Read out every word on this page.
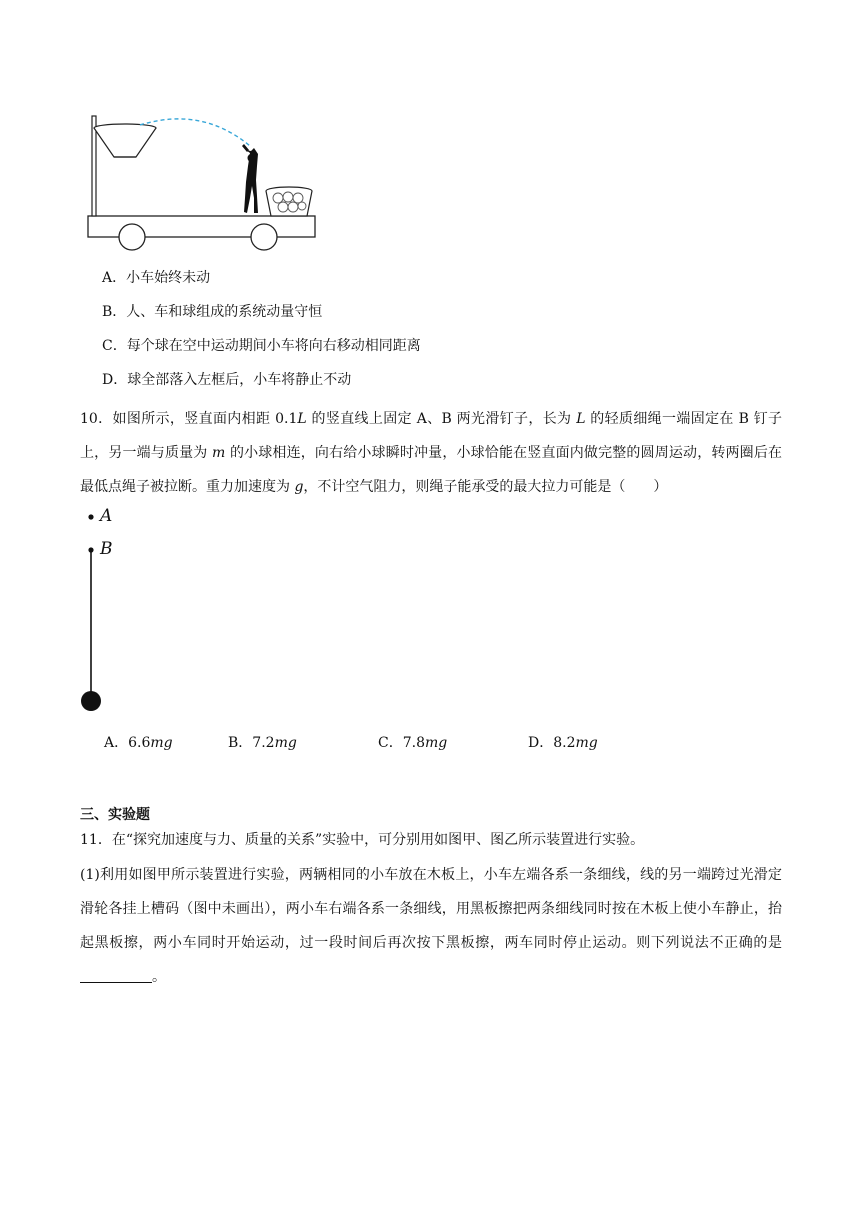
A．小车始终未动
B．人、车和球组成的系统动量守恒
C．每个球在空中运动期间小车将向右移动相同距离
D．球全部落入左框后，小车将静止不动
10．如图所示，竖直面内相距 0.1L 的竖直线上固定 A、B 两光滑钉子，长为 L 的轻质细绳一端固定在 B 钉子上，另一端与质量为 m 的小球相连，向右给小球瞬时冲量，小球恰能在竖直面内做完整的圆周运动，转两圈后在最低点绳子被拉断。重力加速度为 g，不计空气阻力，则绳子能承受的最大拉力可能是（　　）
A
B
A．6.6mg	B．7.2mg	C．7.8mg	D．8.2mg
三、实验题
11．在“探究加速度与力、质量的关系”实验中，可分别用如图甲、图乙所示装置进行实验。
(1)利用如图甲所示装置进行实验，两辆相同的小车放在木板上，小车左端各系一条细线，线的另一端跨过光滑定滑轮各挂上槽码（图中未画出），两小车右端各系一条细线，用黑板擦把两条细线同时按在木板上使小车静止，抬起黑板擦，两小车同时开始运动，过一段时间后再次按下黑板擦，两车同时停止运动。则下列说法不正确的是。
